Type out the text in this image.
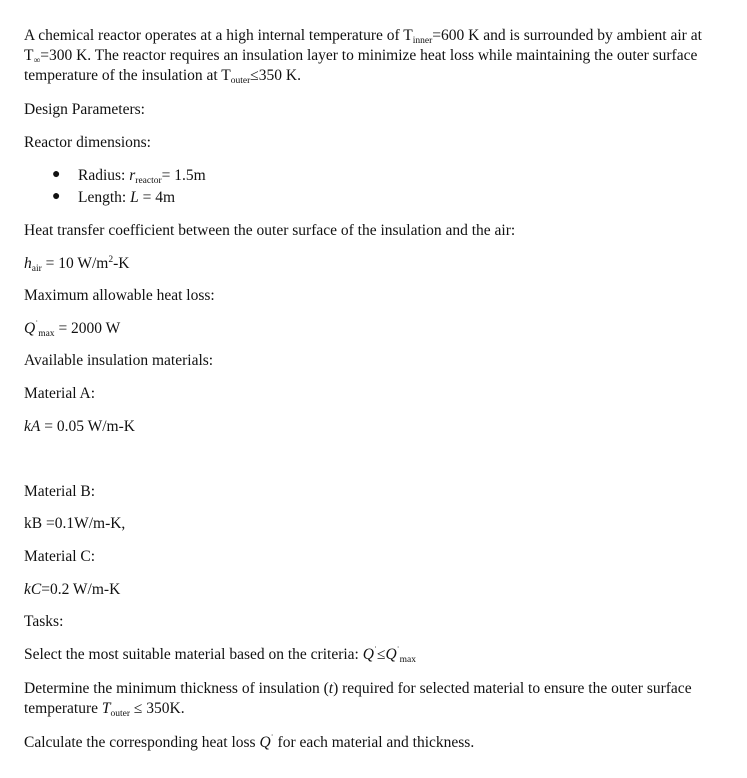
A chemical reactor operates at a high internal temperature of $T_{inner}=600$ K and is surrounded by ambient air at $T_\infty=300$ K. The reactor requires an insulation layer to minimize heat loss while maintaining the outer surface temperature of the insulation at $T_{outer}\le 350$ K.

Design Parameters:

Reactor dimensions:

● Radius: $r_{reactor}= 1.5m$
● Length: L = 4m

Heat transfer coefficient between the outer surface of the insulation and the air:

$h_{air} = 10$ $W/m^2-K$

Maximum allowable heat loss:

$Q^˙_{max} = 2000$ W

Available insulation materials:

Material A:

kA = 0.05 W/m-K

Material B:

kB =0.1W/m-K,

Material C:

kC=0.2 W/m-K

Tasks:

Select the most suitable material based on the criteria: $Q^˙\le Q^˙_{max}$

Determine the minimum thickness of insulation (t) required for selected material to ensure the outer surface temperature $T_{outer} \le 350K$.

Calculate the corresponding heat loss Q˙ for each material and thickness.
